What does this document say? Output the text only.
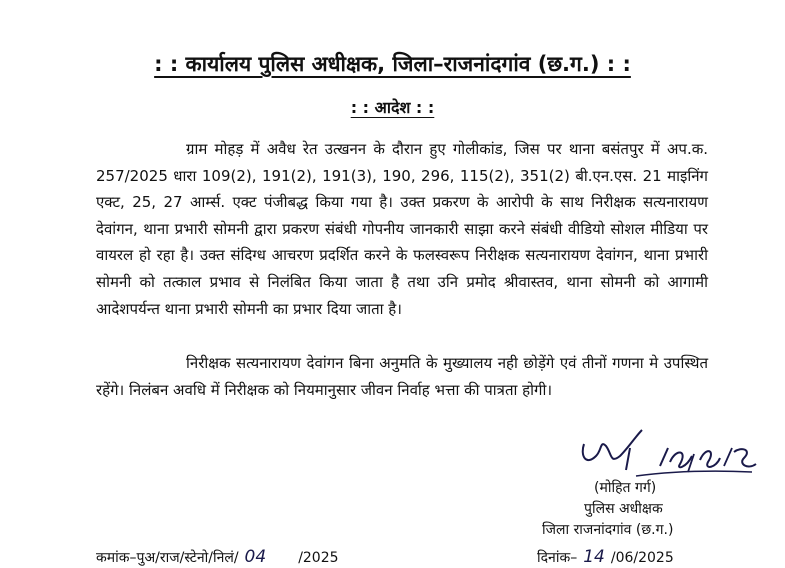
: : कार्यालय पुलिस अधीक्षक, जिला–राजनांदगांव (छ.ग.) : :
: : आदेश : :

ग्राम मोहड़ में अवैध रेत उत्खनन के दौरान हुए गोलीकांड, जिस पर थाना बसंतपुर में अप.क. 257/2025 धारा 109(2), 191(2), 191(3), 190, 296, 115(2), 351(2) बी.एन.एस. 21 माइनिंग एक्ट, 25, 27 आर्म्स. एक्ट पंजीबद्ध किया गया है। उक्त प्रकरण के आरोपी के साथ निरीक्षक सत्यनारायण देवांगन, थाना प्रभारी सोमनी द्वारा प्रकरण संबंधी गोपनीय जानकारी साझा करने संबंधी वीडियो सोशल मीडिया पर वायरल हो रहा है। उक्त संदिग्ध आचरण प्रदर्शित करने के फलस्वरूप निरीक्षक सत्यनारायण देवांगन, थाना प्रभारी सोमनी को तत्काल प्रभाव से निलंबित किया जाता है तथा उनि प्रमोद श्रीवास्तव, थाना सोमनी को आगामी आदेशपर्यन्त थाना प्रभारी सोमनी का प्रभार दिया जाता है।

निरीक्षक सत्यनारायण देवांगन बिना अनुमति के मुख्यालय नही छोड़ेंगे एवं तीनों गणना मे उपस्थित रहेंगे। निलंबन अवधि में निरीक्षक को नियमानुसार जीवन निर्वाह भत्ता की पात्रता होगी।

(मोहित गर्ग)
पुलिस अधीक्षक
जिला राजनांदगांव (छ.ग.)
कमांक–पुअ/राज/स्टेनो/निलं/ 04 /2025	दिनांक– 14 /06/2025
